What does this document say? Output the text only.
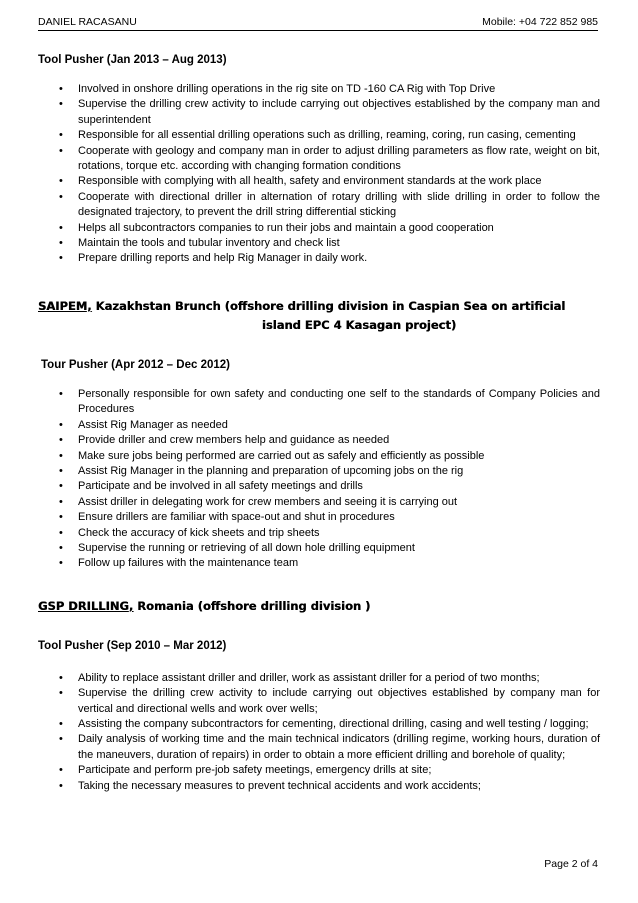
DANIEL RACASANU	Mobile: +04 722 852 985

Tool Pusher (Jan 2013 – Aug 2013)

• Involved in onshore drilling operations in the rig site on TD -160 CA Rig with Top Drive
• Supervise the drilling crew activity to include carrying out objectives established by the company man and superintendent
• Responsible for all essential drilling operations such as drilling, reaming, coring, run casing, cementing
• Cooperate with geology and company man in order to adjust drilling parameters as flow rate, weight on bit, rotations, torque etc. according with changing formation conditions
• Responsible with complying with all health, safety and environment standards at the work place
• Cooperate with directional driller in alternation of rotary drilling with slide drilling in order to follow the designated trajectory, to prevent the drill string differential sticking
• Helps all subcontractors companies to run their jobs and maintain a good cooperation
• Maintain the tools and tubular inventory and check list
• Prepare drilling reports and help Rig Manager in daily work.
SAIPEM, Kazakhstan Brunch (offshore drilling division in Caspian Sea on artificial
island EPC 4 Kasagan project)

Tour Pusher (Apr 2012 – Dec 2012)

• Personally responsible for own safety and conducting one self to the standards of Company Policies and Procedures
• Assist Rig Manager as needed
• Provide driller and crew members help and guidance as needed
• Make sure jobs being performed are carried out as safely and efficiently as possible
• Assist Rig Manager in the planning and preparation of upcoming jobs on the rig
• Participate and be involved in all safety meetings and drills
• Assist driller in delegating work for crew members and seeing it is carrying out
• Ensure drillers are familiar with space-out and shut in procedures
• Check the accuracy of kick sheets and trip sheets
• Supervise the running or retrieving of all down hole drilling equipment
• Follow up failures with the maintenance team
GSP DRILLING, Romania (offshore drilling division )

Tool Pusher (Sep 2010 – Mar 2012)

• Ability to replace assistant driller and driller, work as assistant driller for a period of two months;
• Supervise the drilling crew activity to include carrying out objectives established by company man for vertical and directional wells and work over wells;
• Assisting the company subcontractors for cementing, directional drilling, casing and well testing / logging;
• Daily analysis of working time and the main technical indicators (drilling regime, working hours, duration of the maneuvers, duration of repairs) in order to obtain a more efficient drilling and borehole of quality;
• Participate and perform pre-job safety meetings, emergency drills at site;
• Taking the necessary measures to prevent technical accidents and work accidents;
Page 2 of 4
